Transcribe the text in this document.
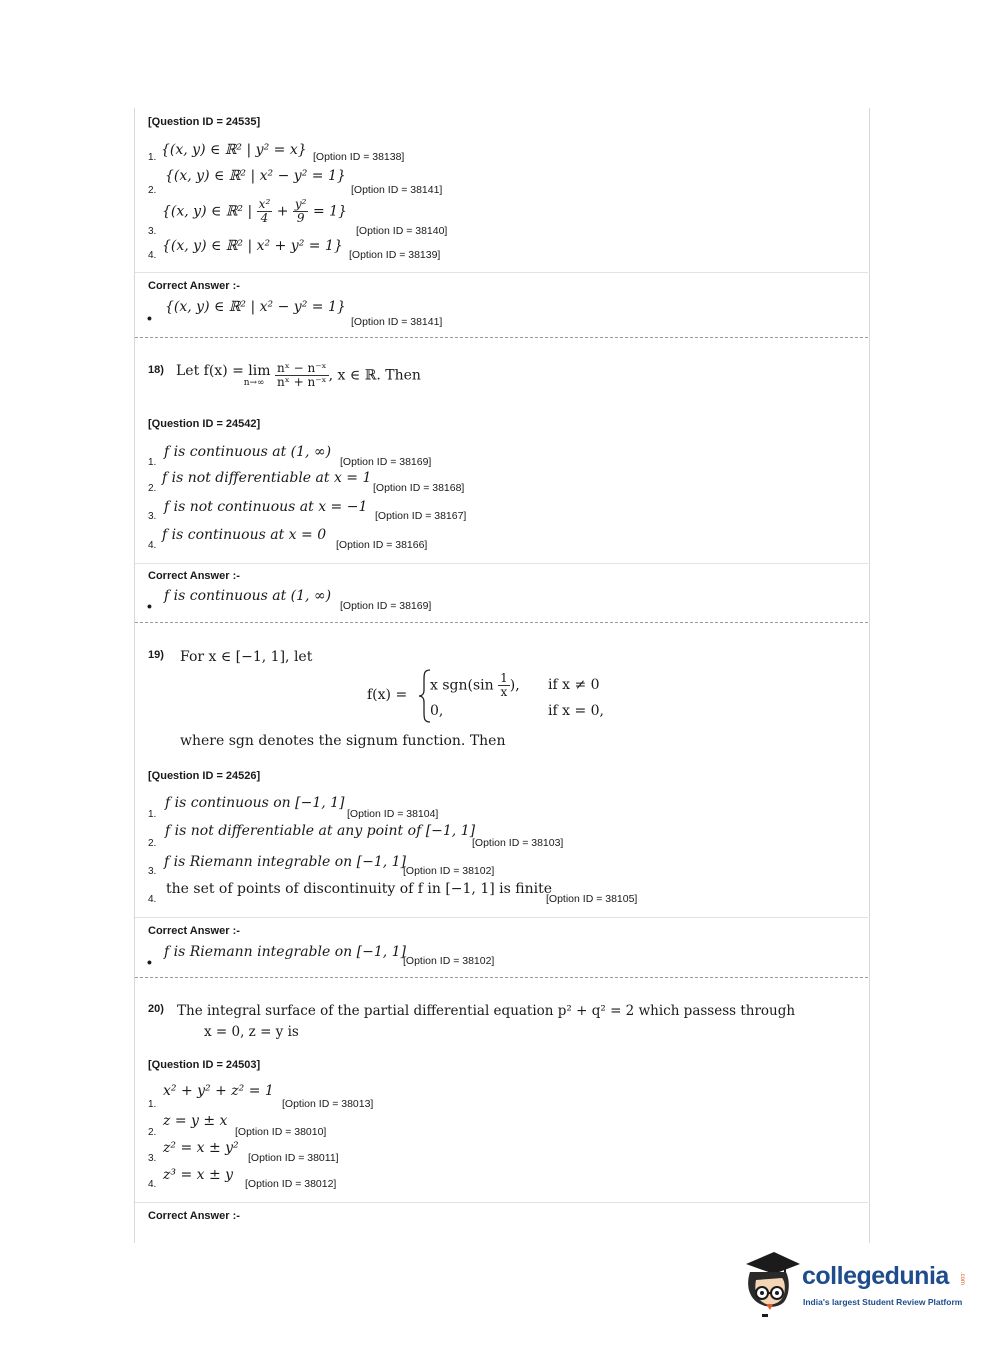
[Question ID = 24535]
1. {(x, y) ∈ ℝ² | y² = x} [Option ID = 38138]
2.
{(x, y) ∈ ℝ² | x² − y² = 1}
[Option ID = 38141]
3.
{(x, y) ∈ ℝ² | $\frac{\text{x²}}{4} + \frac{\text{y²}}{9} = 1$}
[Option ID = 38140]
4.
{(x, y) ∈ ℝ² | x² + y² = 1}
[Option ID = 38139]
Correct Answer :-
•
{(x, y) ∈ ℝ² | x² − y² = 1}
[Option ID = 38141]
18) Let f(x) = lim
n→∞
$\frac{\text{nˣ − n⁻ˣ}}{\text{nˣ + n⁻ˣ}}$ , x ∈ ℝ. Then
[Question ID = 24542]
1.
f is continuous at (1, ∞)
[Option ID = 38169]
2.
f is not differentiable at x = 1
[Option ID = 38168]
3.
f is not continuous at x = −1
[Option ID = 38167]
4.
f is continuous at x = 0
[Option ID = 38166]
Correct Answer :-
•
f is continuous at (1, ∞)
[Option ID = 38169]
19) For x ∈ [−1, 1], let
f(x) =
x $sgn(\sin \frac{1}{x}$ ), if x ≠ 0
0,	if x = 0,
where sgn denotes the signum function. Then
[Question ID = 24526]
1.
f is continuous on [−1, 1]
[Option ID = 38104]
2.
f is not differentiable at any point of [−1, 1]
[Option ID = 38103]
3.
f is Riemann integrable on [−1, 1]
[Option ID = 38102]
4.
the set of points of discontinuity of f in [−1, 1] is finite
[Option ID = 38105]
Correct Answer :-
•
f is Riemann integrable on [−1, 1]
[Option ID = 38102]
20) The integral surface of the partial differential equation p² + q² = 2 which passess through
x = 0, z = y is
[Question ID = 24503]
1.
x² + y² + z² = 1
[Option ID = 38013]
2.
z = y ± x
[Option ID = 38010]
3.
z² = x ± y²
[Option ID = 38011]
4.
z³ = x ± y
[Option ID = 38012]
Correct Answer :-
collegedunia .com
India's largest Student Review Platform
